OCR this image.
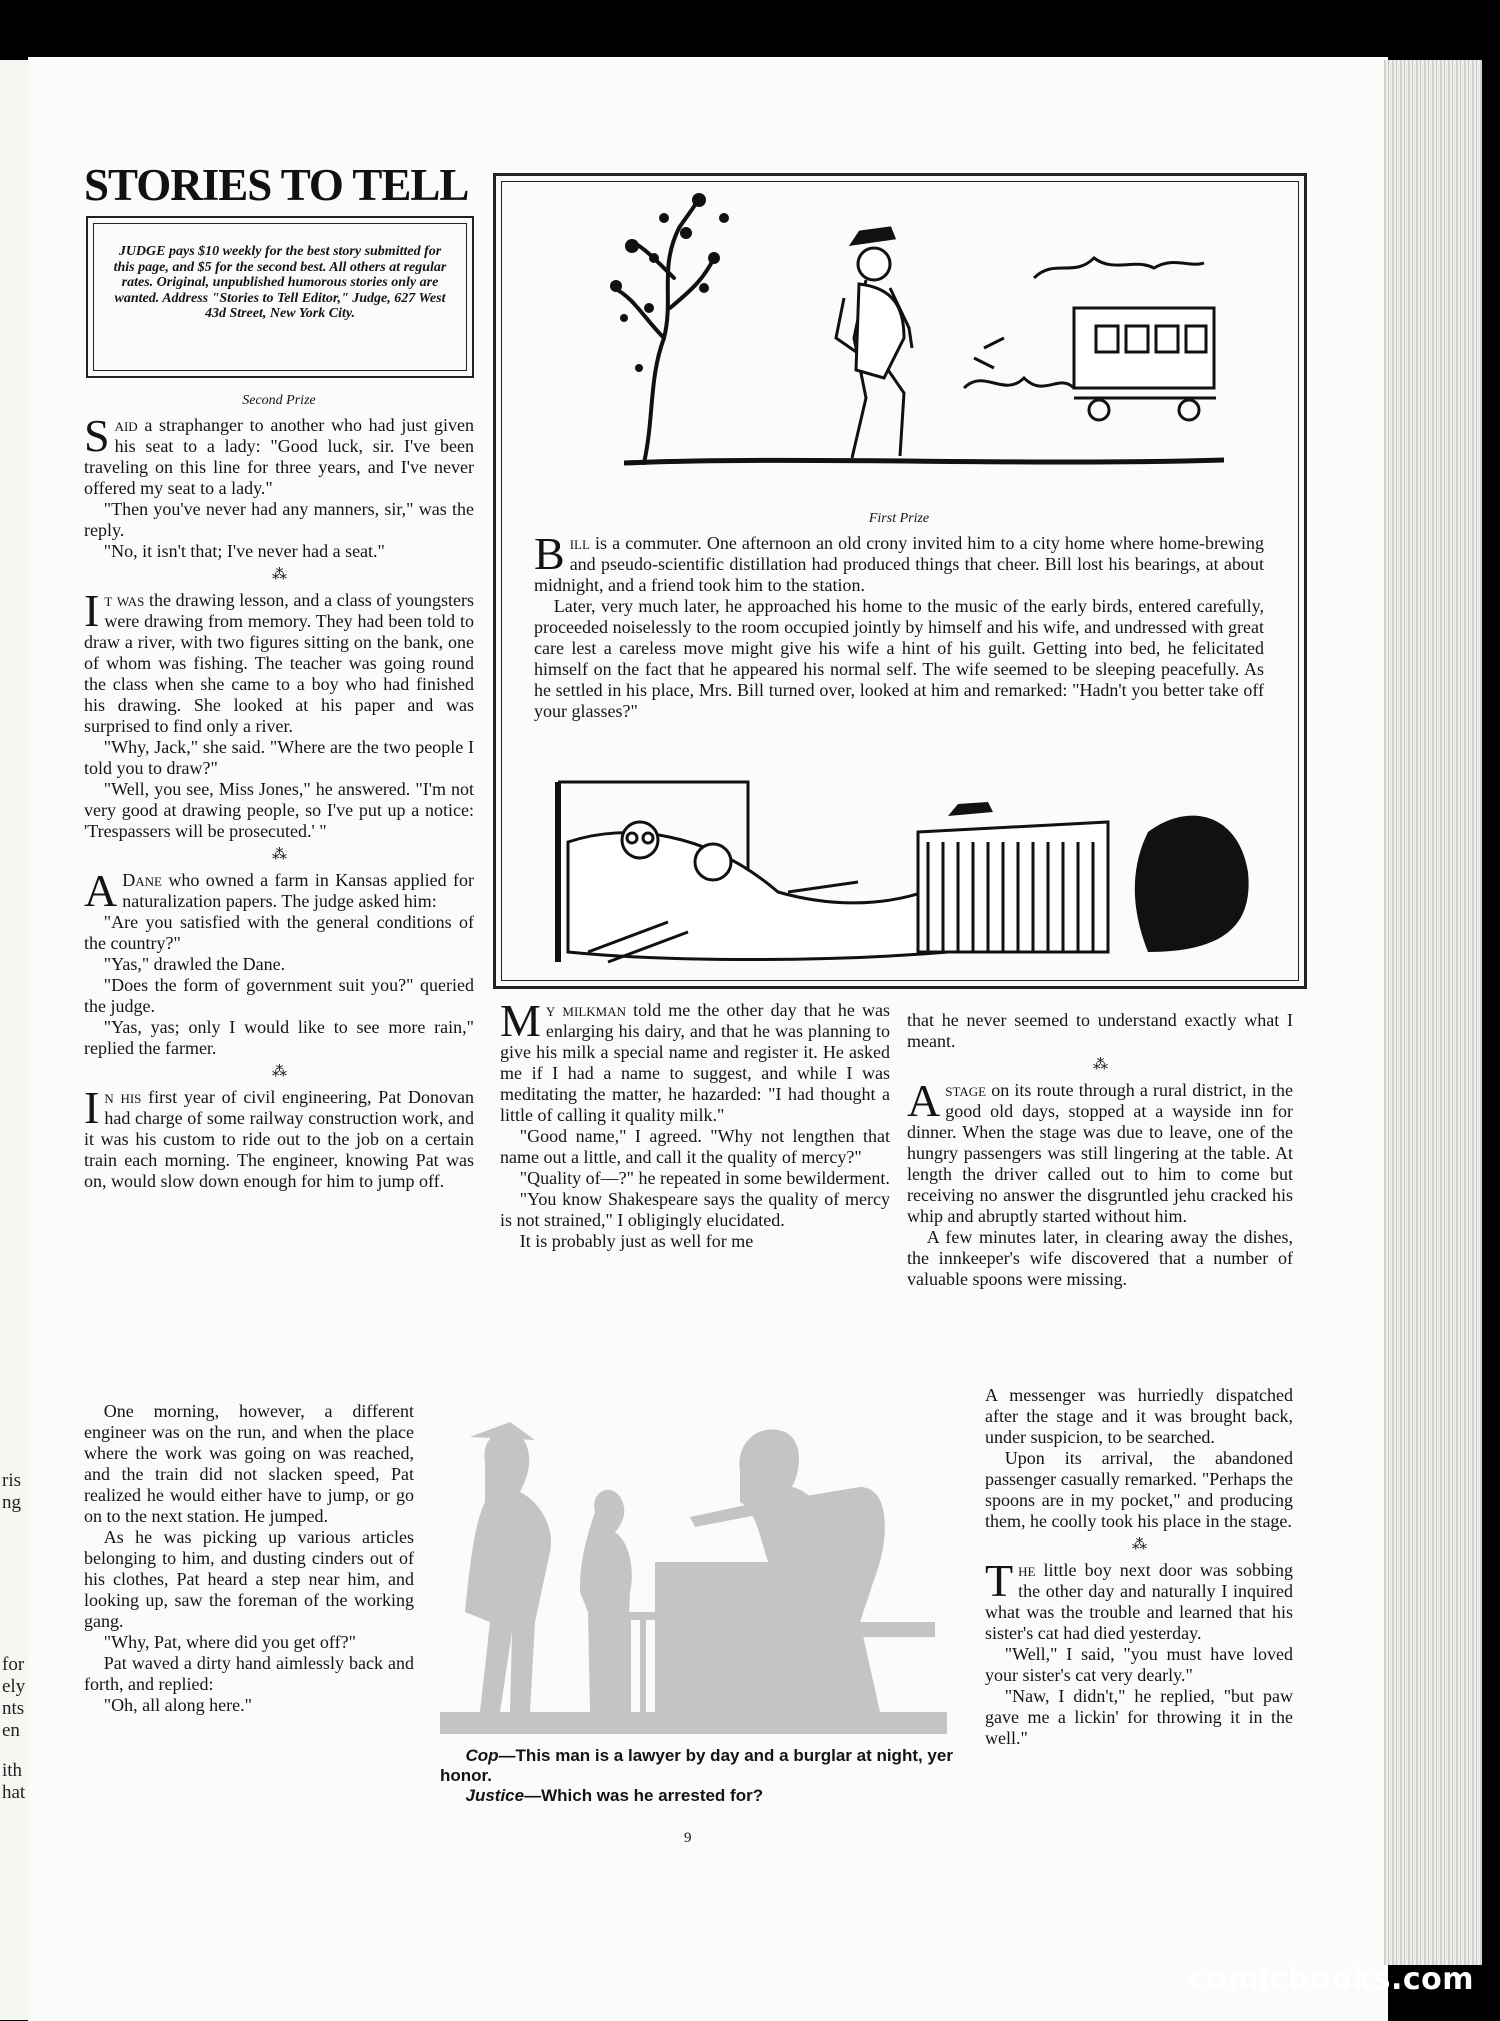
ris
ng
for
ely
nts
en
ith
hat
STORIES TO TELL
JUDGE pays $10 weekly for the best story submitted for this page, and $5 for the second best. All others at regular rates. Original, unpublished humorous stories only are wanted. Address "Stories to Tell Editor," Judge, 627 West 43d Street, New York City.
Second Prize

Said a straphanger to another who had just given his seat to a lady: "Good luck, sir. I've been traveling on this line for three years, and I've never offered my seat to a lady."

"Then you've never had any manners, sir," was the reply.

"No, it isn't that; I've never had a seat."

⁂

It was the drawing lesson, and a class of youngsters were drawing from memory. They had been told to draw a river, with two figures sitting on the bank, one of whom was fishing. The teacher was going round the class when she came to a boy who had finished his drawing. She looked at his paper and was surprised to find only a river.

"Why, Jack," she said. "Where are the two people I told you to draw?"

"Well, you see, Miss Jones," he answered. "I'm not very good at drawing people, so I've put up a notice: 'Trespassers will be prosecuted.' "

⁂

A Dane who owned a farm in Kansas applied for naturalization papers. The judge asked him:

"Are you satisfied with the general conditions of the country?"

"Yas," drawled the Dane.

"Does the form of government suit you?" queried the judge.

"Yas, yas; only I would like to see more rain," replied the farmer.

⁂

In his first year of civil engineering, Pat Donovan had charge of some railway construction work, and it was his custom to ride out to the job on a certain train each morning. The engineer, knowing Pat was on, would slow down enough for him to jump off.

One morning, however, a different engineer was on the run, and when the place where the work was going on was reached, and the train did not slacken speed, Pat realized he would either have to jump, or go on to the next station. He jumped.

As he was picking up various articles belonging to him, and dusting cinders out of his clothes, Pat heard a step near him, and looking up, saw the foreman of the working gang.

"Why, Pat, where did you get off?"

Pat waved a dirty hand aimlessly back and forth, and replied:

"Oh, all along here."

First Prize

Bill is a commuter. One afternoon an old crony invited him to a city home where home-brewing and pseudo-scientific distillation had produced things that cheer. Bill lost his bearings, at about midnight, and a friend took him to the station.

Later, very much later, he approached his home to the music of the early birds, entered carefully, proceeded noiselessly to the room occupied jointly by himself and his wife, and undressed with great care lest a careless move might give his wife a hint of his guilt. Getting into bed, he felicitated himself on the fact that he appeared his normal self. The wife seemed to be sleeping peacefully. As he settled in his place, Mrs. Bill turned over, looked at him and remarked: "Hadn't you better take off your glasses?"

My milkman told me the other day that he was enlarging his dairy, and that he was planning to give his milk a special name and register it. He asked me if I had a name to suggest, and while I was meditating the matter, he hazarded: "I had thought a little of calling it quality milk."

"Good name," I agreed. "Why not lengthen that name out a little, and call it the quality of mercy?"

"Quality of—?" he repeated in some bewilderment.

"You know Shakespeare says the quality of mercy is not strained," I obligingly elucidated.

It is probably just as well for me

Cop—This man is a lawyer by day and a burglar at night, yer honor.

Justice—Which was he arrested for?

9

that he never seemed to understand exactly what I meant.

⁂

Astage on its route through a rural district, in the good old days, stopped at a wayside inn for dinner. When the stage was due to leave, one of the hungry passengers was still lingering at the table. At length the driver called out to him to come but receiving no answer the disgruntled jehu cracked his whip and abruptly started without him.

A few minutes later, in clearing away the dishes, the innkeeper's wife discovered that a number of valuable spoons were missing.

A messenger was hurriedly dispatched after the stage and it was brought back, under suspicion, to be searched.

Upon its arrival, the abandoned passenger casually remarked. "Perhaps the spoons are in my pocket," and producing them, he coolly took his place in the stage.

⁂

The little boy next door was sobbing the other day and naturally I inquired what was the trouble and learned that his sister's cat had died yesterday.

"Well," I said, "you must have loved your sister's cat very dearly."

"Naw, I didn't," he replied, "but paw gave me a lickin' for throwing it in the well."

comicbooks.com
